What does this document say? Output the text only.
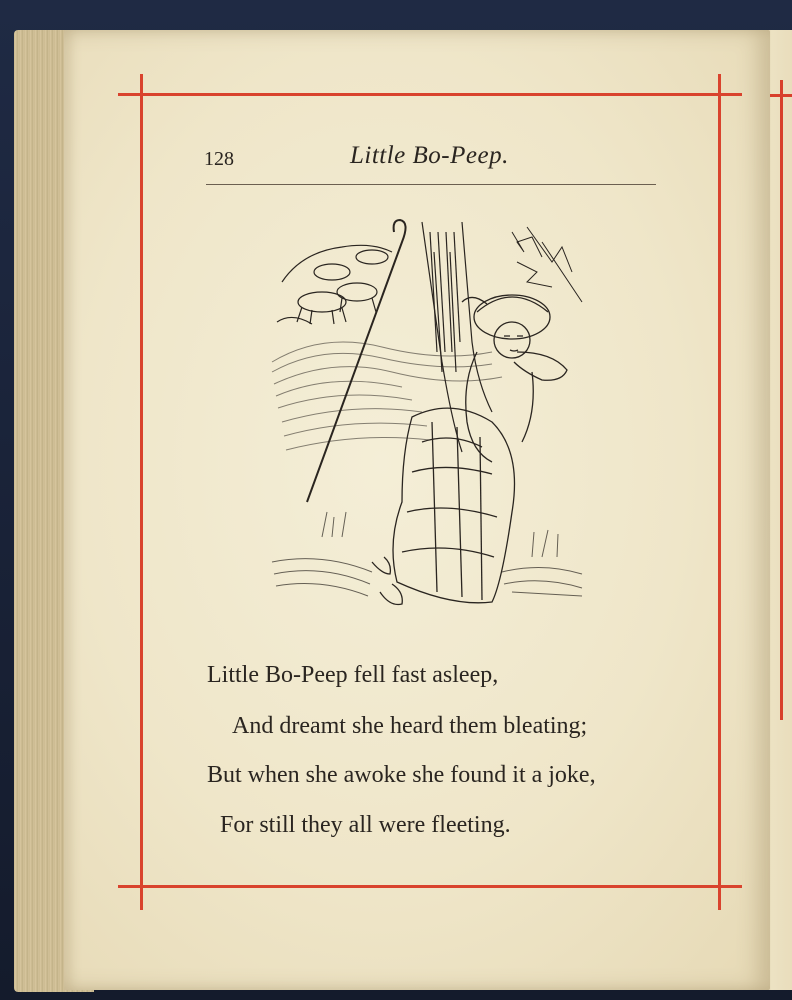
128	Little Bo-Peep.
Little Bo-Peep fell fast asleep,
And dreamt she heard them bleating;
But when she awoke she found it a joke,
For still they all were fleeting.
